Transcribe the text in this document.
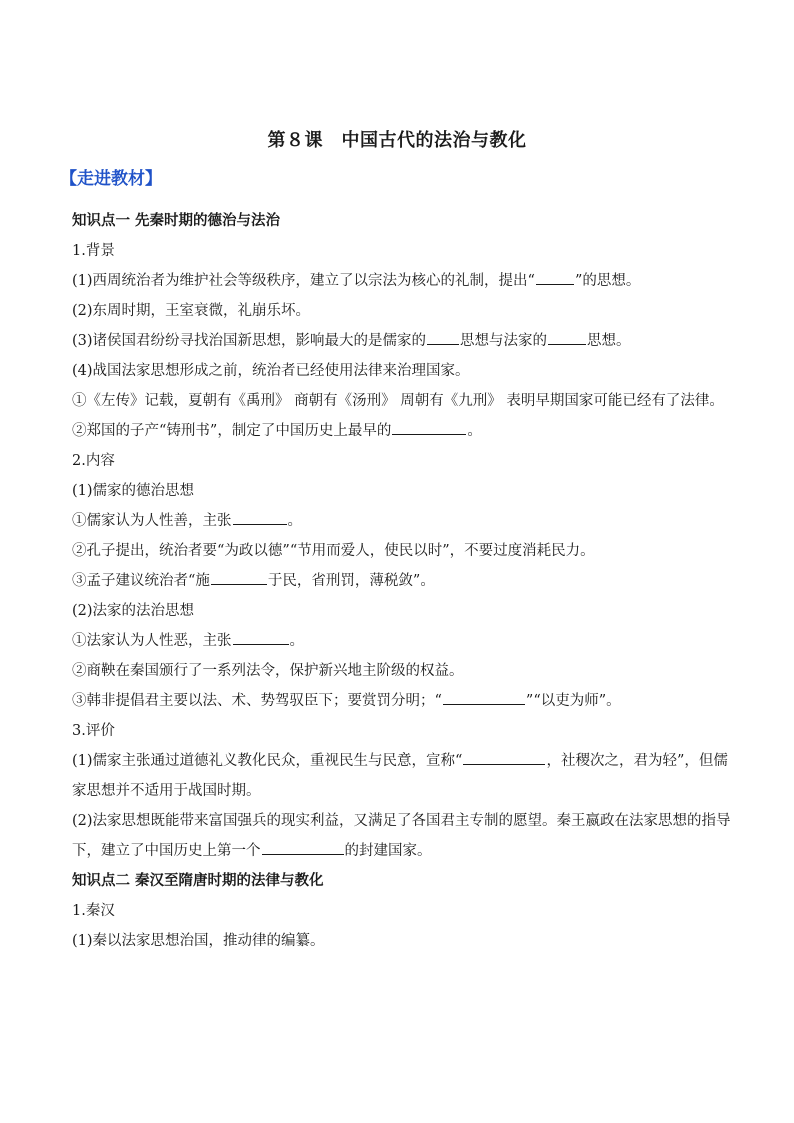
第８课　中国古代的法治与教化
【走进教材】
知识点一 先秦时期的德治与法治
1.背景
(1)西周统治者为维护社会等级秩序，建立了以宗法为核心的礼制，提出“	”的思想。
(2)东周时期，王室衰微，礼崩乐坏。
(3)诸侯国君纷纷寻找治国新思想，影响最大的是儒家的 思想与法家的	思想。
(4)战国法家思想形成之前，统治者已经使用法律来治理国家。
①《左传》记载，夏朝有《禹刑》 商朝有《汤刑》 周朝有《九刑》 表明早期国家可能已经有了法律。
②郑国的子产“铸刑书”，制定了中国历史上最早的	。
2.内容
(1)儒家的德治思想
①儒家认为人性善，主张	。
②孔子提出，统治者要“为政以德”“节用而爱人，使民以时”，不要过度消耗民力。
③孟子建议统治者“施	于民，省刑罚，薄税敛”。
(2)法家的法治思想
①法家认为人性恶，主张	。
②商鞅在秦国颁行了一系列法令，保护新兴地主阶级的权益。
③韩非提倡君主要以法、术、势驾驭臣下；要赏罚分明；“	”“以吏为师”。
3.评价
(1)儒家主张通过道德礼义教化民众，重视民生与民意，宣称“	，社稷次之，君为轻”，但儒家思想并不适用于战国时期。
(2)法家思想既能带来富国强兵的现实利益，又满足了各国君主专制的愿望。秦王嬴政在法家思想的指导下，建立了中国历史上第一个	的封建国家。
知识点二 秦汉至隋唐时期的法律与教化
1.秦汉
(1)秦以法家思想治国，推动律的编纂。
